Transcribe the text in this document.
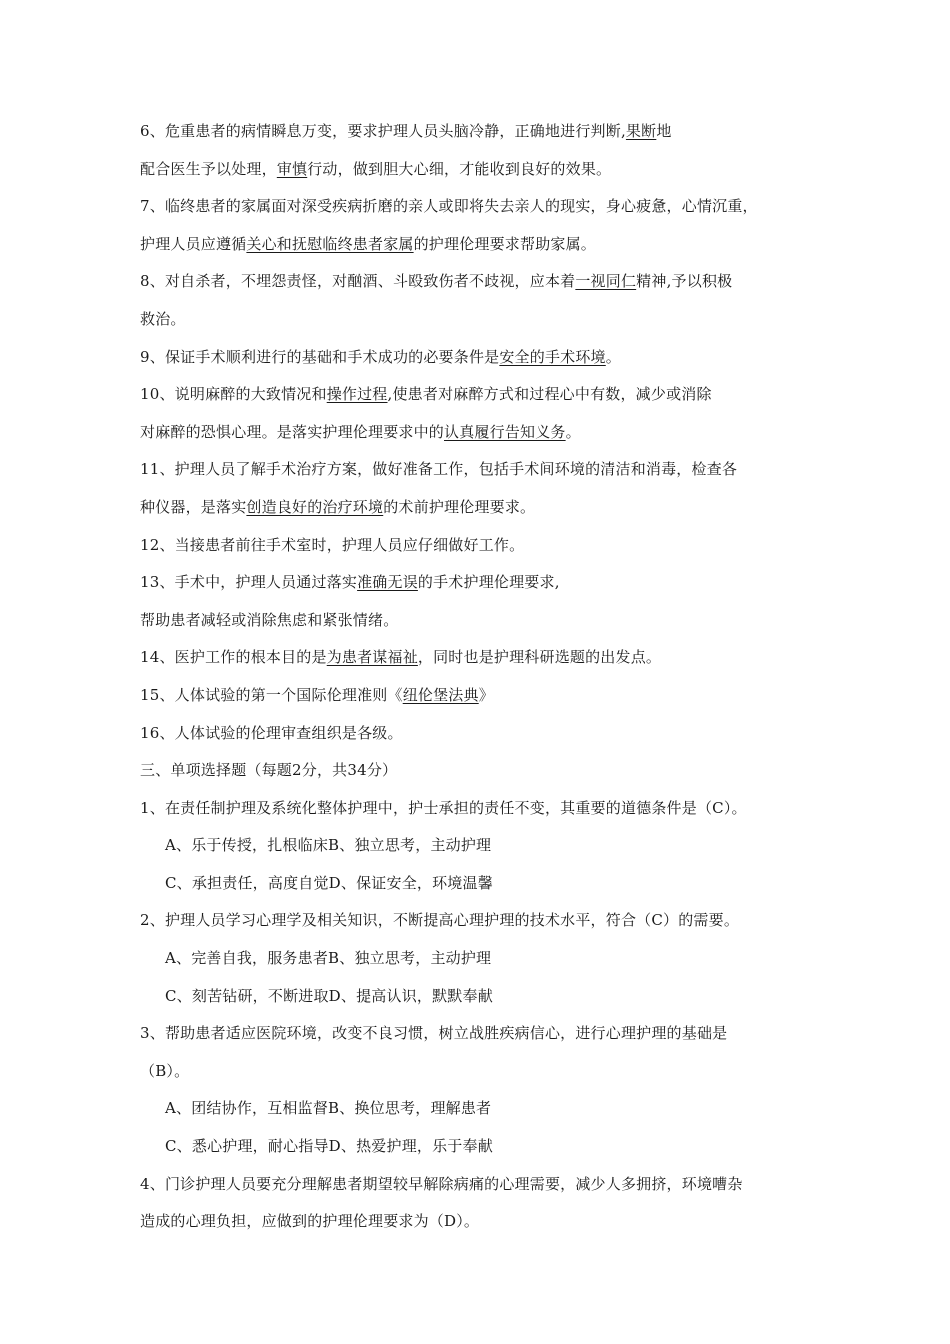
6、危重患者的病情瞬息万变，要求护理人员头脑冷静，正确地进行判断,果断地
配合医生予以处理，审慎行动，做到胆大心细，才能收到良好的效果。
7、临终患者的家属面对深受疾病折磨的亲人或即将失去亲人的现实，身心疲惫，心情沉重，
护理人员应遵循关心和抚慰临终患者家属的护理伦理要求帮助家属。
8、对自杀者，不埋怨责怪，对酗酒、斗殴致伤者不歧视，应本着一视同仁精神,予以积极
救治。
9、保证手术顺利进行的基础和手术成功的必要条件是安全的手术环境。
10、说明麻醉的大致情况和操作过程,使患者对麻醉方式和过程心中有数，减少或消除
对麻醉的恐惧心理。是落实护理伦理要求中的认真履行告知义务。
11、护理人员了解手术治疗方案，做好准备工作，包括手术间环境的清洁和消毒，检查各
种仪器，是落实创造良好的治疗环境的术前护理伦理要求。
12、当接患者前往手术室时，护理人员应仔细做好工作。
13、手术中，护理人员通过落实准确无误的手术护理伦理要求,
帮助患者减轻或消除焦虑和紧张情绪。
14、医护工作的根本目的是为患者谋福祉，同时也是护理科研选题的出发点。
15、人体试验的第一个国际伦理准则《纽伦堡法典》
16、人体试验的伦理审查组织是各级。
三、单项选择题（每题2分，共34分）
1、在责任制护理及系统化整体护理中，护士承担的责任不变，其重要的道德条件是（C）。
A、乐于传授，扎根临床B、独立思考，主动护理
C、承担责任，高度自觉D、保证安全，环境温馨
2、护理人员学习心理学及相关知识，不断提高心理护理的技术水平，符合（C）的需要。
A、完善自我，服务患者B、独立思考，主动护理
C、刻苦钻研，不断进取D、提高认识，默默奉献
3、帮助患者适应医院环境，改变不良习惯，树立战胜疾病信心，进行心理护理的基础是
（B）。
A、团结协作，互相监督B、换位思考，理解患者
C、悉心护理，耐心指导D、热爱护理，乐于奉献
4、门诊护理人员要充分理解患者期望较早解除病痛的心理需要，减少人多拥挤，环境嘈杂
造成的心理负担，应做到的护理伦理要求为（D）。
